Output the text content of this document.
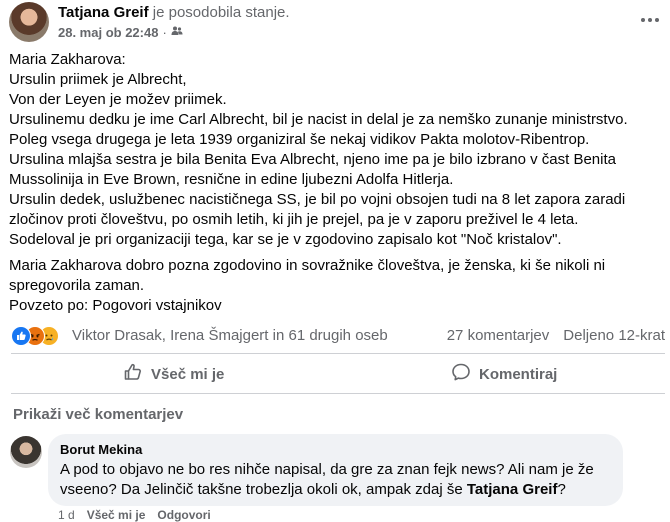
Tatjana Greif je posodobila stanje.
28. maj ob 22:48 ·
Maria Zakharova:
Ursulin priimek je Albrecht,
Von der Leyen je možev priimek.
Ursulinemu dedku je ime Carl Albrecht, bil je nacist in delal je za nemško zunanje ministrstvo.
Poleg vsega drugega je leta 1939 organiziral še nekaj vidikov Pakta molotov-Ribentrop.
Ursulina mlajša sestra je bila Benita Eva Albrecht, njeno ime pa je bilo izbrano v čast Benita
Mussolinija in Eve Brown, resnične in edine ljubezni Adolfa Hitlerja.
Ursulin dedek, uslužbenec nacističnega SS, je bil po vojni obsojen tudi na 8 let zapora zaradi
zločinov proti človeštvu, po osmih letih, ki jih je prejel, pa je v zaporu preživel le 4 leta.
Sodeloval je pri organizaciji tega, kar se je v zgodovino zapisalo kot "Noč kristalov".
Maria Zakharova dobro pozna zgodovino in sovražnike človeštva, je ženska, ki še nikoli ni
spregovorila zaman.
Povzeto po: Pogovori vstajnikov
Viktor Drasak, Irena Šmajgert in 61 drugih oseb	27 komentarjev Deljeno 12-krat
Všeč mi je	Komentiraj
Prikaži več komentarjev
Borut Mekina
A pod to objavo ne bo res nihče napisal, da gre za znan fejk news? Ali nam je že
vseeno? Da Jelinčič takšne trobezlja okoli ok, ampak zdaj še Tatjana Greif?
1 d Všeč mi je Odgovori
